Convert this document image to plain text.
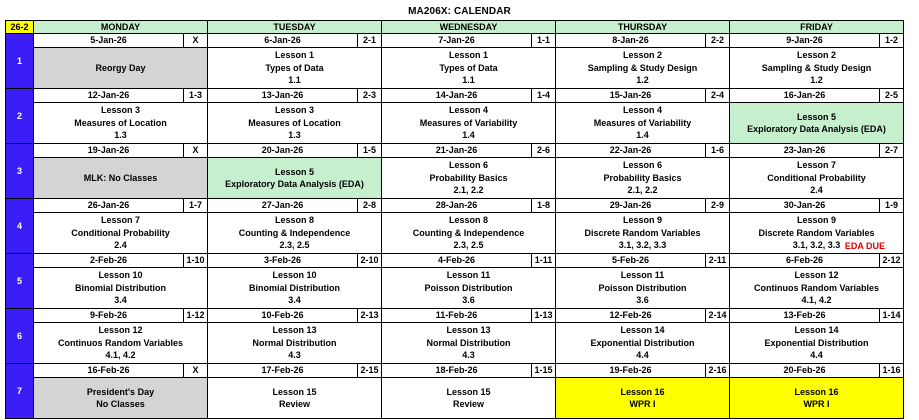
MA206X: CALENDAR
26-2	MONDAY		TUESDAY		WEDNESDAY		THURSDAY		FRIDAY	
1	5-Jan-26	X	6-Jan-26	2-1	7-Jan-26	1-1	8-Jan-26	2-2	9-Jan-26	1-2

	Reorgy Day		Lesson 1
Types of Data
1.1		Lesson 1
Types of Data
1.1		Lesson 2
Sampling & Study Design
1.2		Lesson 2
Sampling & Study Design
1.2	

2	12-Jan-26	1-3	13-Jan-26	2-3	14-Jan-26	1-4	15-Jan-26	2-4	16-Jan-26	2-5

	Lesson 3
Measures of Location
1.3		Lesson 3
Measures of Location
1.3		Lesson 4
Measures of Variability
1.4		Lesson 4
Measures of Variability
1.4		Lesson 5
Exploratory Data Analysis (EDA)	

3	19-Jan-26	X	20-Jan-26	1-5	21-Jan-26	2-6	22-Jan-26	1-6	23-Jan-26	2-7

	MLK: No Classes		Lesson 5
Exploratory Data Analysis (EDA)		Lesson 6
Probability Basics
2.1, 2.2		Lesson 6
Probability Basics
2.1, 2.2		Lesson 7
Conditional Probability
2.4	

4	26-Jan-26	1-7	27-Jan-26	2-8	28-Jan-26	1-8	29-Jan-26	2-9	30-Jan-26	1-9

	Lesson 7
Conditional Probability
2.4		Lesson 8
Counting & Independence
2.3, 2.5		Lesson 8
Counting & Independence
2.3, 2.5		Lesson 9
Discrete Random Variables
3.1, 3.2, 3.3		Lesson 9
Discrete Random Variables
3.1, 3.2, 3.3 EDA DUE	

5	2-Feb-26	1-10	3-Feb-26	2-10	4-Feb-26	1-11	5-Feb-26	2-11	6-Feb-26	2-12

	Lesson 10
Binomial Distribution
3.4		Lesson 10
Binomial Distribution
3.4		Lesson 11
Poisson Distribution
3.6		Lesson 11
Poisson Distribution
3.6		Lesson 12
Continuos Random Variables
4.1, 4.2	

6	9-Feb-26	1-12	10-Feb-26	2-13	11-Feb-26	1-13	12-Feb-26	2-14	13-Feb-26	1-14

	Lesson 12
Continuos Random Variables
4.1, 4.2		Lesson 13
Normal Distribution
4.3		Lesson 13
Normal Distribution
4.3		Lesson 14
Exponential Distribution
4.4		Lesson 14
Exponential Distribution
4.4	

7	16-Feb-26	X	17-Feb-26	2-15	18-Feb-26	1-15	19-Feb-26	2-16	20-Feb-26	1-16

	President's Day
No Classes		Lesson 15
Review		Lesson 15
Review		Lesson 16
WPR I		Lesson 16
WPR I	
